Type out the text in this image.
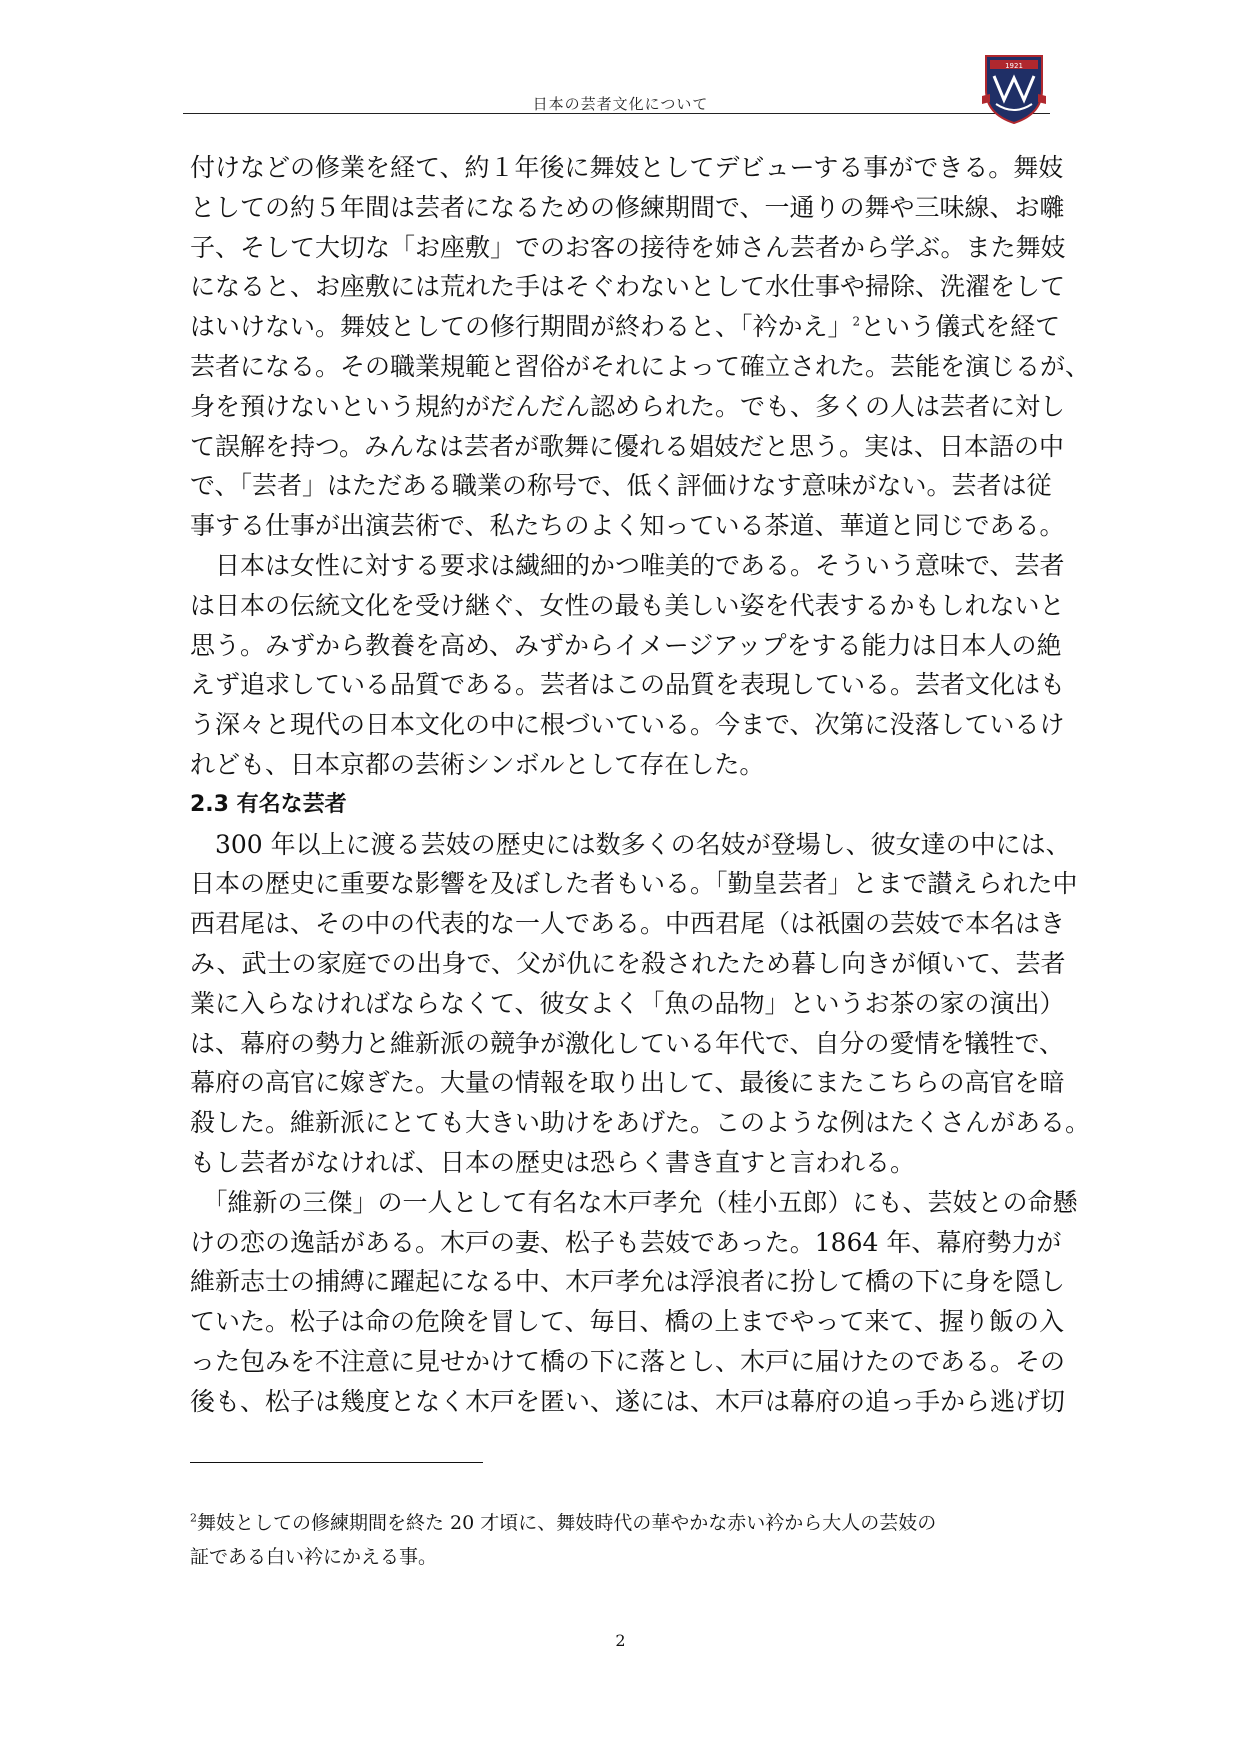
日本の芸者文化について
1921
付けなどの修業を経て、約１年後に舞妓としてデビューする事ができる。舞妓
としての約５年間は芸者になるための修練期間で、一通りの舞や三味線、お囃
子、そして大切な「お座敷」でのお客の接待を姉さん芸者から学ぶ。また舞妓
になると、お座敷には荒れた手はそぐわないとして水仕事や掃除、洗濯をして
はいけない。舞妓としての修行期間が終わると、「衿かえ」$^2$という儀式を経て
芸者になる。その職業規範と習俗がそれによって確立された。芸能を演じるが、
身を預けないという規約がだんだん認められた。でも、多くの人は芸者に対し
て誤解を持つ。みんなは芸者が歌舞に優れる娼妓だと思う。実は、日本語の中
で、「芸者」はただある職業の称号で、低く評価けなす意味がない。芸者は従
事する仕事が出演芸術で、私たちのよく知っている茶道、華道と同じである。
　日本は女性に対する要求は繊細的かつ唯美的である。そういう意味で、芸者
は日本の伝統文化を受け継ぐ、女性の最も美しい姿を代表するかもしれないと
思う。みずから教養を高め、みずからイメージアップをする能力は日本人の絶
えず追求している品質である。芸者はこの品質を表現している。芸者文化はも
う深々と現代の日本文化の中に根づいている。今まで、次第に没落しているけ
れども、日本京都の芸術シンボルとして存在した。
2.3 有名な芸者
　300 年以上に渡る芸妓の歴史には数多くの名妓が登場し、彼女達の中には、
日本の歴史に重要な影響を及ぼした者もいる。「勤皇芸者」とまで讃えられた中
西君尾は、その中の代表的な一人である。中西君尾（は祇園の芸妓で本名はき
み、武士の家庭での出身で、父が仇にを殺されたため暮し向きが傾いて、芸者
業に入らなければならなくて、彼女よく「魚の品物」というお茶の家の演出）
は、幕府の勢力と維新派の競争が激化している年代で、自分の愛情を犠牲で、
幕府の高官に嫁ぎた。大量の情報を取り出して、最後にまたこちらの高官を暗
殺した。維新派にとても大きい助けをあげた。このような例はたくさんがある。
もし芸者がなければ、日本の歴史は恐らく書き直すと言われる。
　「維新の三傑」の一人として有名な木戸孝允（桂小五郎）にも、芸妓との命懸
けの恋の逸話がある。木戸の妻、松子も芸妓であった。1864 年、幕府勢力が
維新志士の捕縛に躍起になる中、木戸孝允は浮浪者に扮して橋の下に身を隠し
ていた。松子は命の危険を冒して、毎日、橋の上までやって来て、握り飯の入
った包みを不注意に見せかけて橋の下に落とし、木戸に届けたのである。その
後も、松子は幾度となく木戸を匿い、遂には、木戸は幕府の追っ手から逃げ切
$^2$舞妓としての修練期間を終た 20 才頃に、舞妓時代の華やかな赤い衿から大人の芸妓の
証である白い衿にかえる事。
2
